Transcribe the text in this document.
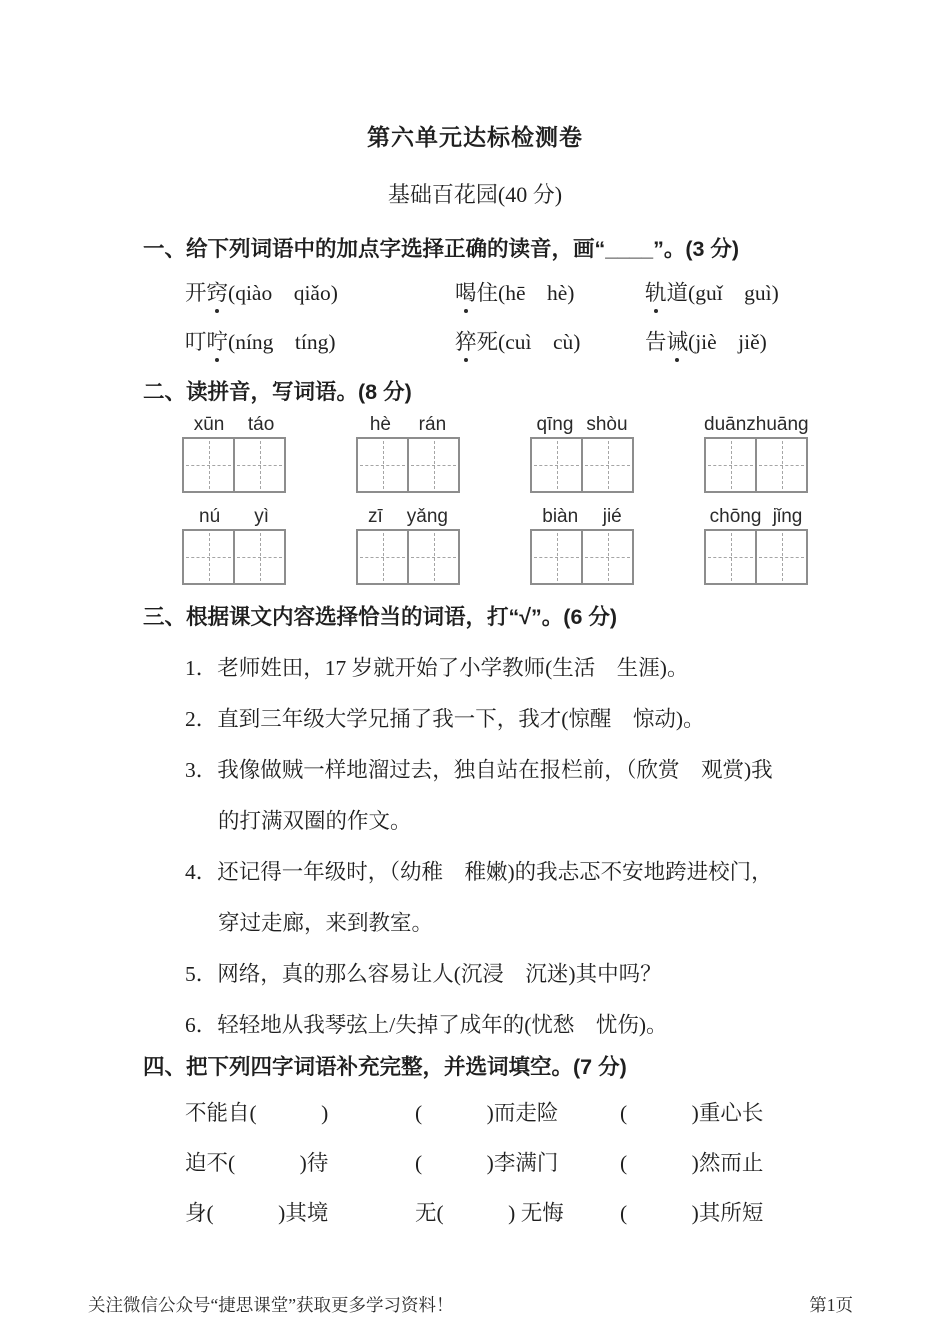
第六单元达标检测卷
基础百花园(40 分)
一、给下列词语中的加点字选择正确的读音，画“____”。(3 分)
开窍(qiào　qiǎo)	喝住(hē　hè)	轨道(guǐ　guì)
叮咛(níng　tíng)	猝死(cuì　cù)	告诫(jiè　jiě)
二、读拼音，写词语。(8 分)
xūn táo	hè rán	qīng shòu	duān zhuāng
nú yì	zī yǎng	biàn jié	chōng jǐng
三、根据课文内容选择恰当的词语，打“√”。(6 分)
1．老师姓田，17 岁就开始了小学教师(生活　生涯)。
2．直到三年级大学兄捅了我一下，我才(惊醒　惊动)。
3．我像做贼一样地溜过去，独自站在报栏前，（欣赏　观赏)我
的打满双圈的作文。
4．还记得一年级时，（幼稚　稚嫩)的我忐忑不安地跨进校门，
穿过走廊，来到教室。
5．网络，真的那么容易让人(沉浸　沉迷)其中吗？
6．轻轻地从我琴弦上/失掉了成年的(忧愁　忧伤)。
四、把下列四字词语补充完整，并选词填空。(7 分)
不能自(　　　)	(　　　)而走险	(　　　)重心长
迫不(　　　)待	(　　　)李满门	(　　　)然而止
身(　　　)其境	无(　　　) 无悔	(　　　)其所短
关注微信公众号“捷思课堂”获取更多学习资料！	第1页
